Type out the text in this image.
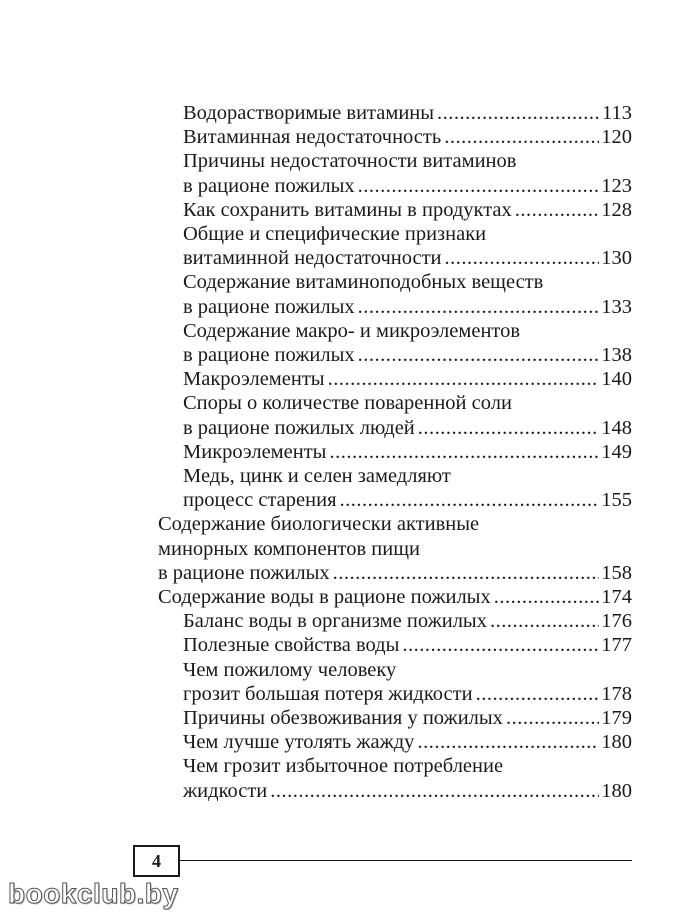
Водорастворимые витамины .....	113
Витаминная недостаточность .....	120
Причины недостаточности витаминов
в рационе пожилых .....	123
Как сохранить витамины в продуктах .....	128
Общие и специфические признаки
витаминной недостаточности .....	130
Содержание витаминоподобных веществ
в рационе пожилых .....	133
Содержание макро- и микроэлементов
в рационе пожилых .....	138
Макроэлементы .....	140
Споры о количестве поваренной соли
в рационе пожилых людей .....	148
Микроэлементы .....	149
Медь, цинк и селен замедляют
процесс старения .....	155
Содержание биологически активные
минорных компонентов пищи
в рационе пожилых .....	158
Содержание воды в рационе пожилых .....	174
Баланс воды в организме пожилых .....	176
Полезные свойства воды .....	177
Чем пожилому человеку
грозит большая потеря жидкости .....	178
Причины обезвоживания у пожилых .....	179
Чем лучше утолять жажду .....	180
Чем грозит избыточное потребление
жидкости .....	180
4
bookclub.by
